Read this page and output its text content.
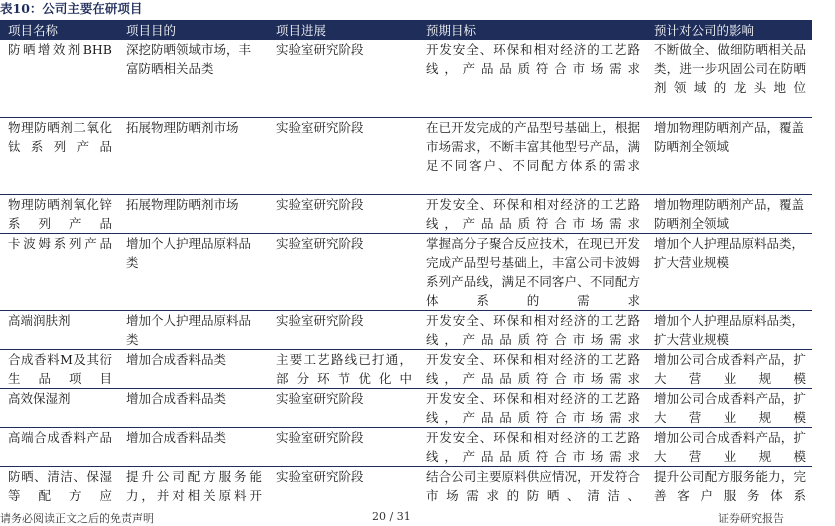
表10：公司主要在研项目
项目名称	项目目的	项目进展	预期目标	预计对公司的影响
防晒增效剂BHB	深挖防晒领域市场，丰富防晒相关品类	实验室研究阶段	开发安全、环保和相对经济的工艺路线，产品品质符合市场需求	不断做全、做细防晒相关品类，进一步巩固公司在防晒剂领域的龙头地位
物理防晒剂二氧化钛系列产品	拓展物理防晒剂市场	实验室研究阶段	在已开发完成的产品型号基础上，根据市场需求，不断丰富其他型号产品，满足不同客户、不同配方体系的需求	增加物理防晒剂产品，覆盖防晒剂全领域
物理防晒剂氧化锌系列产品	拓展物理防晒剂市场	实验室研究阶段	开发安全、环保和相对经济的工艺路线，产品品质符合市场需求	增加物理防晒剂产品，覆盖防晒剂全领域
卡波姆系列产品	增加个人护理品原料品类	实验室研究阶段	掌握高分子聚合反应技术，在现已开发完成产品型号基础上，丰富公司卡波姆系列产品线，满足不同客户、不同配方体系的需求	增加个人护理品原料品类，扩大营业规模
高端润肤剂	增加个人护理品原料品类	实验室研究阶段	开发安全、环保和相对经济的工艺路线，产品品质符合市场需求	增加个人护理品原料品类，扩大营业规模
合成香料M及其衍生品项目	增加合成香料品类	主要工艺路线已打通，部分环节优化中	开发安全、环保和相对经济的工艺路线，产品品质符合市场需求	增加公司合成香料产品，扩大营业规模
高效保湿剂	增加合成香料品类	实验室研究阶段	开发安全、环保和相对经济的工艺路线，产品品质符合市场需求	增加公司合成香料产品，扩大营业规模
高端合成香料产品	增加合成香料品类	实验室研究阶段	开发安全、环保和相对经济的工艺路线，产品品质符合市场需求	增加公司合成香料产品，扩大营业规模
防晒、清洁、保湿等配方应	提升公司配方服务能力，并对相关原料开	实验室研究阶段	结合公司主要原料供应情况，开发符合市场需求的防晒、清洁、	提升公司配方服务能力，完善客户服务体系
请务必阅读正文之后的免责声明	20 / 31	证券研究报告
